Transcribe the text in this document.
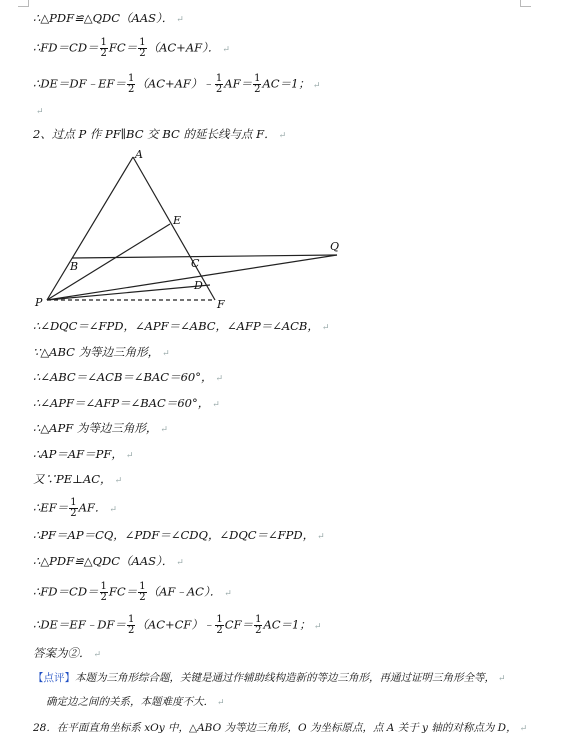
∴△PDF≌△QDC（AAS）． ↵
∴FD＝CD＝ $\frac{1}{2} FC= \frac{1}{2} (AC+AF)$． ↵
∴DE＝DF﹣EF＝ $\frac{1}{2}$ （AC+AF）﹣ $\frac{1}{2} AF= \frac{1}{2} AC=1$； ↵
↵
2、过点 P 作 PF∥BC 交 BC 的延长线与点 F． ↵
∴∠DQC＝∠FPD，∠APF＝∠ABC，∠AFP＝∠ACB， ↵
∵△ABC 为等边三角形， ↵
∴∠ABC＝∠ACB＝∠BAC＝60°， ↵
∴∠APF＝∠AFP＝∠BAC＝60°， ↵
∴△APF 为等边三角形， ↵
∴AP＝AF＝PF， ↵
又∵PE⊥AC， ↵
∴EF＝ $\frac{1}{2}$ AF． ↵
∴PF＝AP＝CQ，∠PDF＝∠CDQ，∠DQC＝∠FPD， ↵
∴△PDF≌△QDC（AAS）． ↵
∴FD＝CD＝ $\frac{1}{2} FC= \frac{1}{2}$ （AF﹣AC）． ↵
∴DE＝EF﹣DF＝ $\frac{1}{2}$ （AC+CF）﹣ $\frac{1}{2} CF= \frac{1}{2} AC=1$； ↵
答案为②． ↵
【点评】本题为三角形综合题，关键是通过作辅助线构造新的等边三角形，再通过证明三角形全等， ↵
确定边之间的关系，本题难度不大． ↵
28．在平面直角坐标系 xOy 中，△ABO 为等边三角形，O 为坐标原点，点 A 关于 y 轴的对称点为 D， ↵
A
E
B	C
Q
D
P	F
